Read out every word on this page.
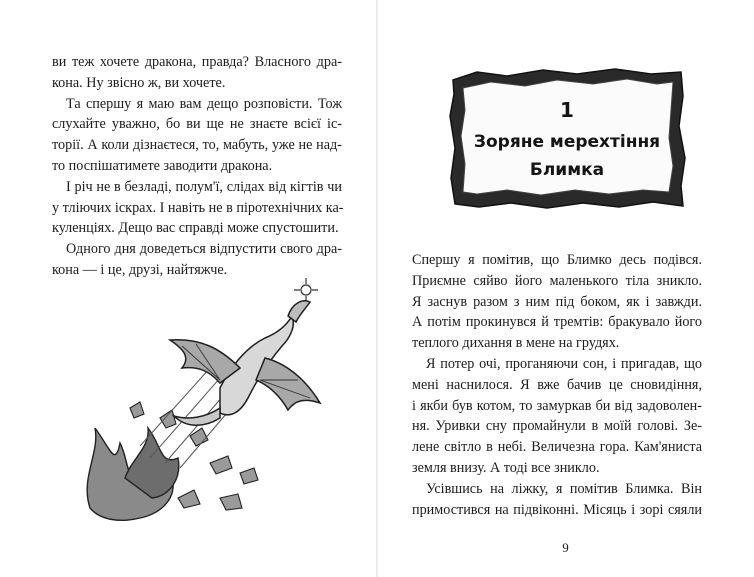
ви теж хочете дракона, правда? Власного дра-
кона. Ну звісно ж, ви хочете.
Та спершу я маю вам дещо розповісти. Тож
слухайте уважно, бо ви ще не знаєте всієї іс-
торії. А коли дізнаєтеся, то, мабуть, уже не над-
то поспішатимете заводити дракона.
І річ не в безладі, полум'ї, слідах від кігтів чи
у тліючих іскрах. І навіть не в піротехнічних ка-
куленціях. Дещо вас справді може спустошити.
Одного дня доведеться відпустити свого дра-
кона — і це, друзі, найтяжче.
1
Зоряне мерехтіння
Блимка
Спершу я помітив, що Блимко десь подівся.
Приємне сяйво його маленького тіла зникло.
Я заснув разом з ним під боком, як і завжди.
А потім прокинувся й тремтів: бракувало його
теплого дихання в мене на грудях.
Я потер очі, проганяючи сон, і пригадав, що
мені наснилося. Я вже бачив це сновидіння,
і якби був котом, то замуркав би від задоволен-
ня. Уривки сну промайнули в моїй голові. Зе-
лене світло в небі. Величезна гора. Кам'яниста
земля внизу. А тоді все зникло.
Усівшись на ліжку, я помітив Блимка. Він
примостився на підвіконні. Місяць і зорі сяяли
9
